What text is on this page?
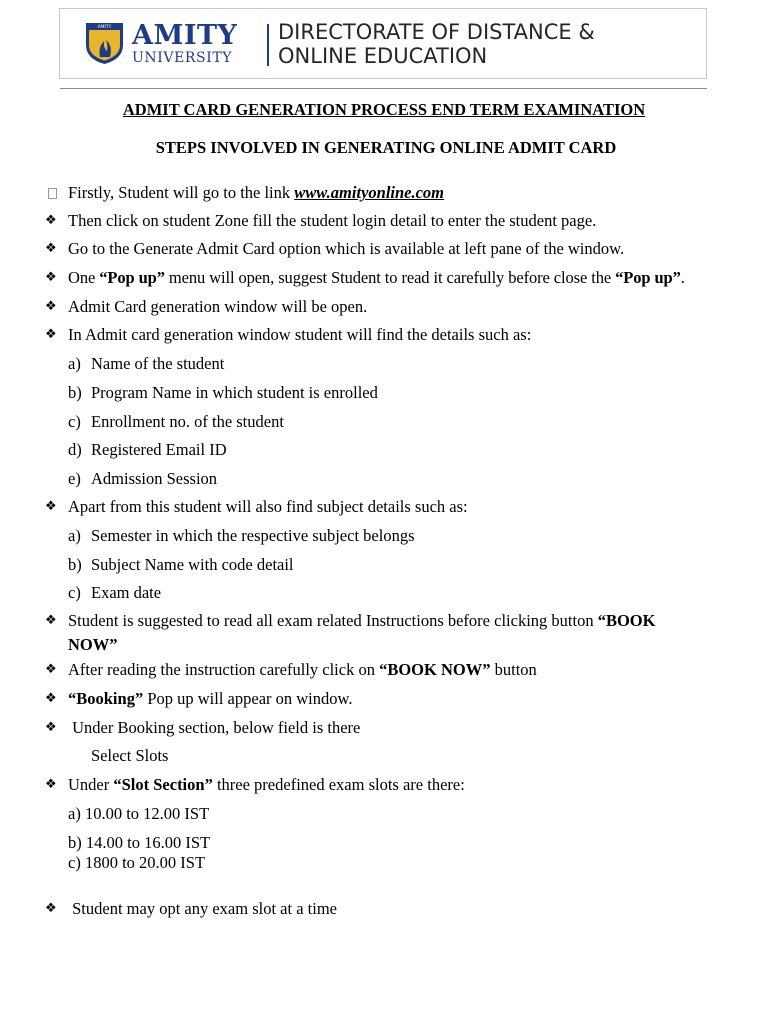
AMITY AMITY
UNIVERSITY
DIRECTORATE OF DISTANCE &
ONLINE EDUCATION
ADMIT CARD GENERATION PROCESS END TERM EXAMINATION
STEPS INVOLVED IN GENERATING ONLINE ADMIT CARD
Firstly, Student will go to the link www.amityonline.com
❖ Then click on student Zone fill the student login detail to enter the student page.
❖ Go to the Generate Admit Card option which is available at left pane of the window.
❖ One “Pop up” menu will open, suggest Student to read it carefully before close the “Pop up”.
❖ Admit Card generation window will be open.
❖ In Admit card generation window student will find the details such as:
a) Name of the student
b) Program Name in which student is enrolled
c) Enrollment no. of the student
d) Registered Email ID
e) Admission Session
❖ Apart from this student will also find subject details such as:
a) Semester in which the respective subject belongs
b) Subject Name with code detail
c) Exam date
❖ Student is suggested to read all exam related Instructions before clicking button “BOOK
NOW”
❖ After reading the instruction carefully click on “BOOK NOW” button
❖ “Booking” Pop up will appear on window.
❖ Under Booking section, below field is there
Select Slots
❖ Under “Slot Section” three predefined exam slots are there:
a) 10.00 to 12.00 IST
b) 14.00 to 16.00 IST
c) 1800 to 20.00 IST
❖ Student may opt any exam slot at a time
